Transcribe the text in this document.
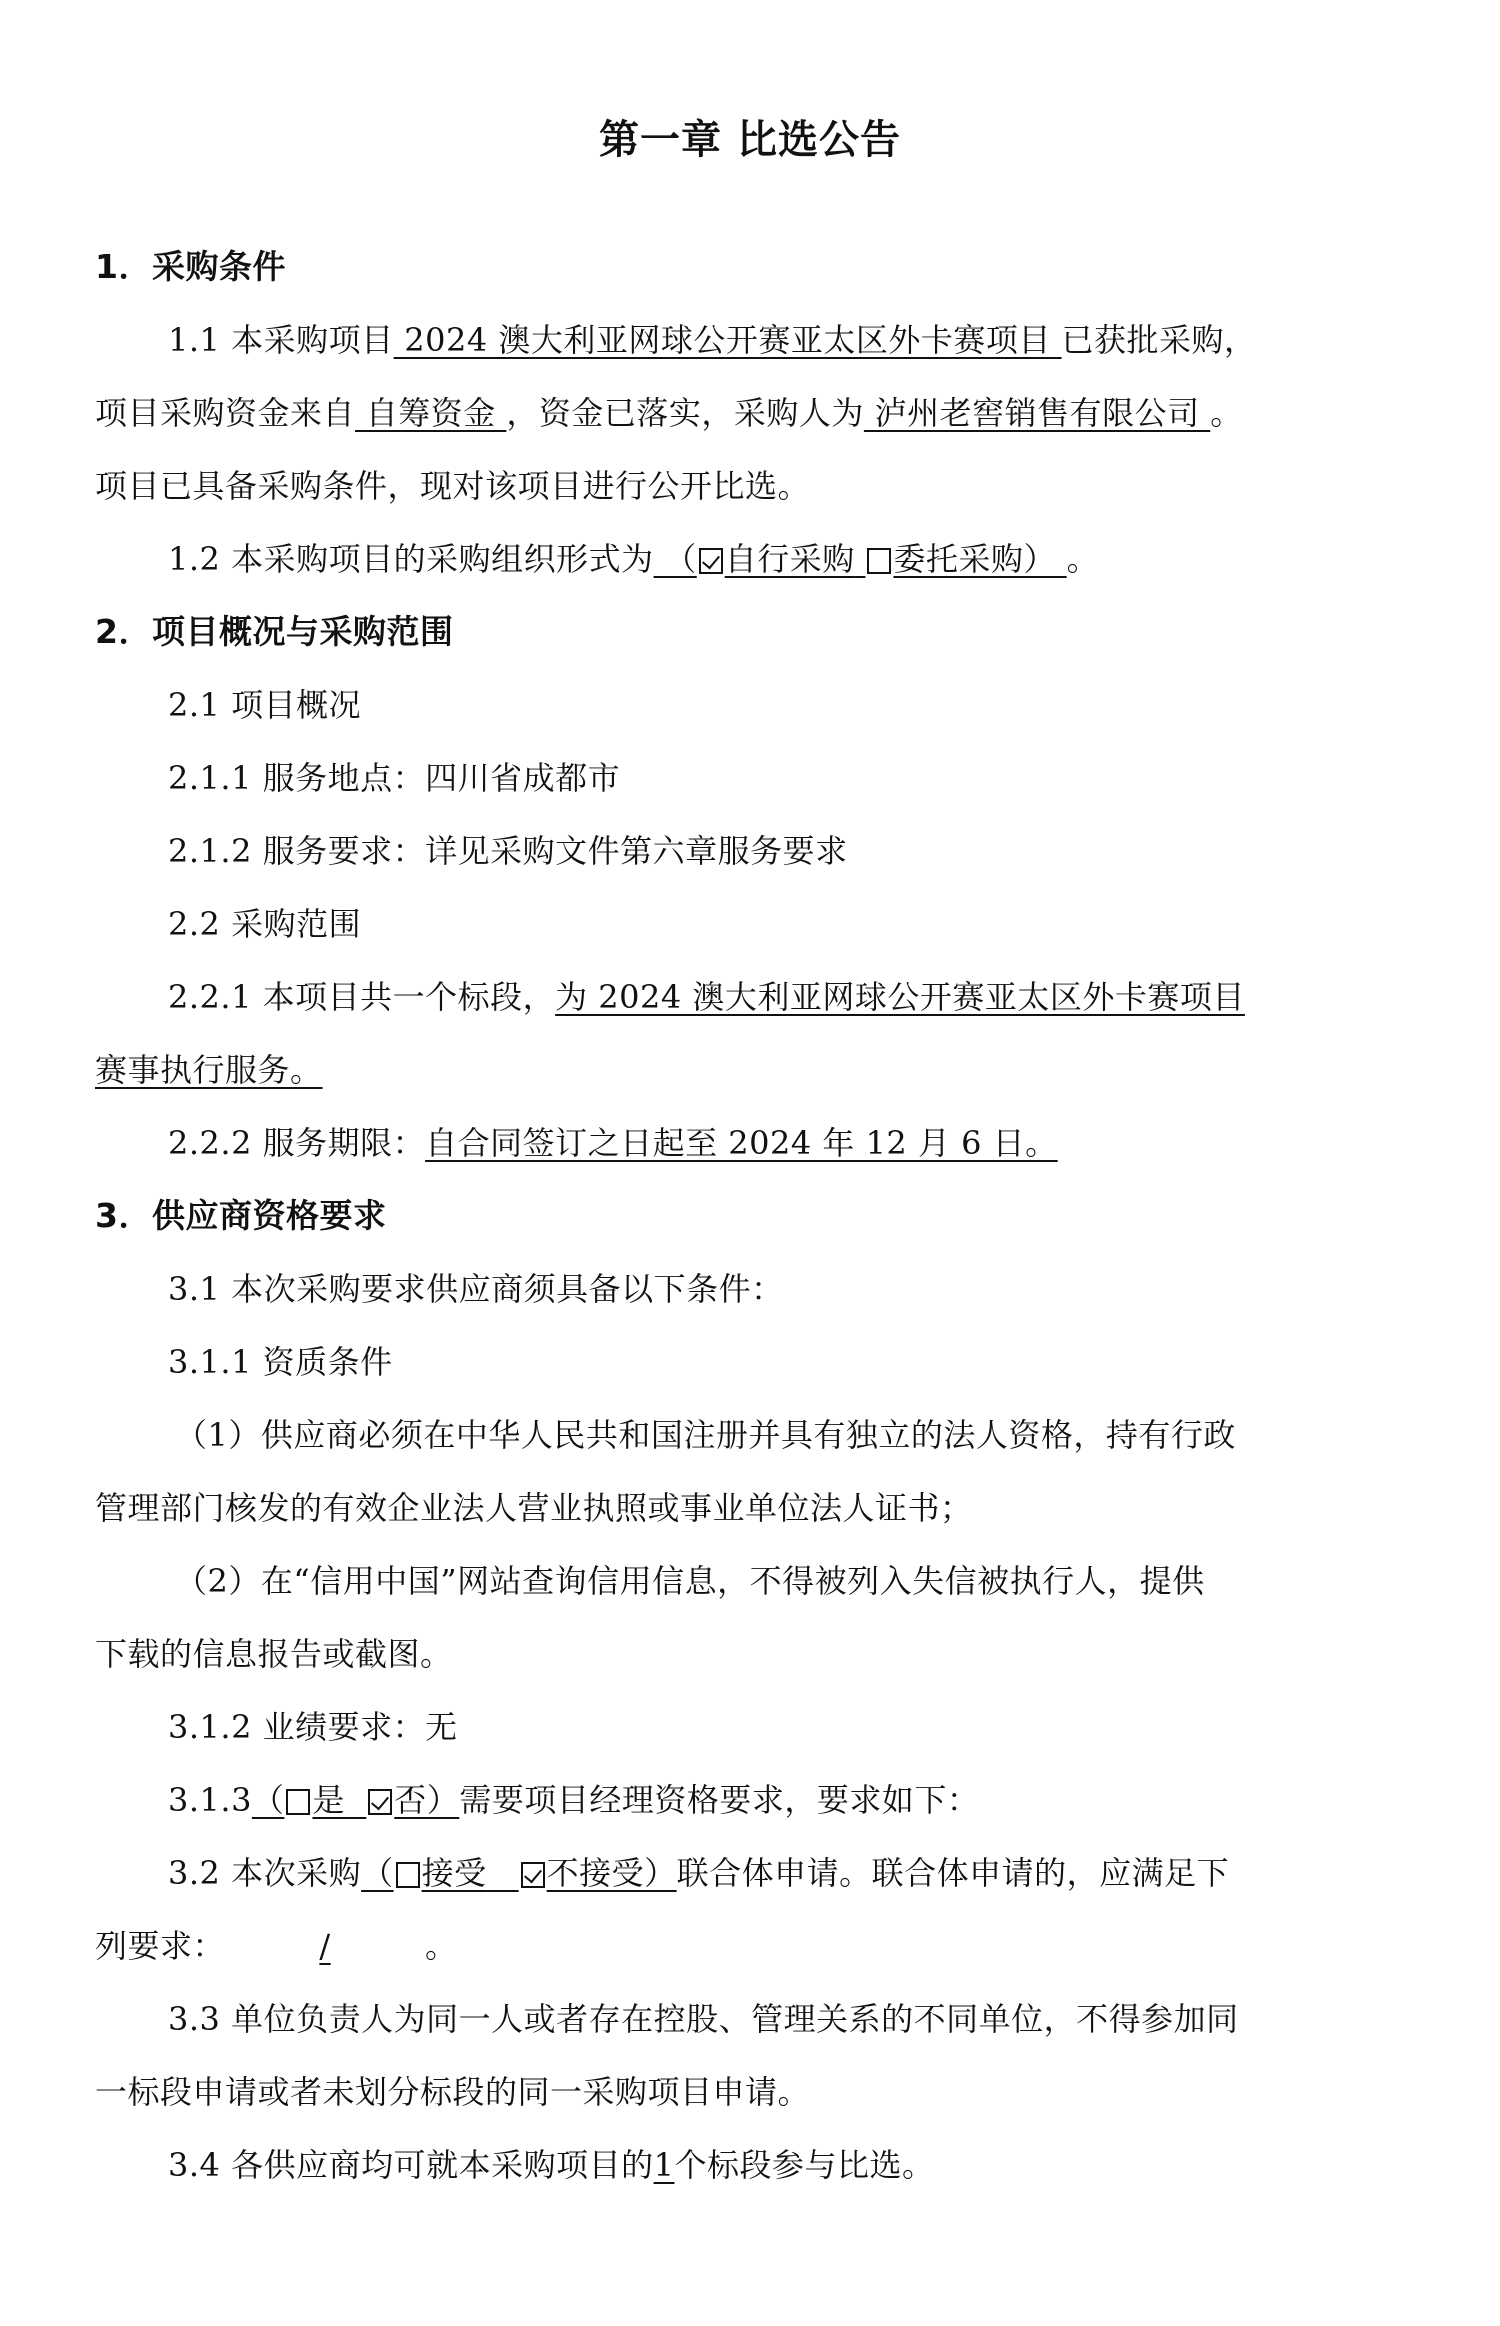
第一章 比选公告
1．采购条件
1.1 本采购项目 2024 澳大利亚网球公开赛亚太区外卡赛项目 已获批采购，
项目采购资金来自 自筹资金 ，资金已落实，采购人为 泸州老窖销售有限公司 。
项目已具备采购条件，现对该项目进行公开比选。
1.2 本采购项目的采购组织形式为 （ 自行采购 委托采购） 。
2．项目概况与采购范围
2.1 项目概况
2.1.1 服务地点：四川省成都市
2.1.2 服务要求：详见采购文件第六章服务要求
2.2 采购范围
2.2.1 本项目共一个标段，为 2024 澳大利亚网球公开赛亚太区外卡赛项目
赛事执行服务。
2.2.2 服务期限：自合同签订之日起至 2024 年 12 月 6 日。
3．供应商资格要求
3.1 本次采购要求供应商须具备以下条件：
3.1.1 资质条件
（1）供应商必须在中华人民共和国注册并具有独立的法人资格，持有行政
管理部门核发的有效企业法人营业执照或事业单位法人证书；
（2）在“信用中国”网站查询信用信息，不得被列入失信被执行人，提供
下载的信息报告或截图。
3.1.2 业绩要求：无
3.1.3（ 是 否）需要项目经理资格要求，要求如下：
3.2 本次采购（ 接受 不接受）联合体申请。联合体申请的，应满足下
列要求：	/	。
3.3 单位负责人为同一人或者存在控股、管理关系的不同单位，不得参加同
一标段申请或者未划分标段的同一采购项目申请。
3.4 各供应商均可就本采购项目的1个标段参与比选。
